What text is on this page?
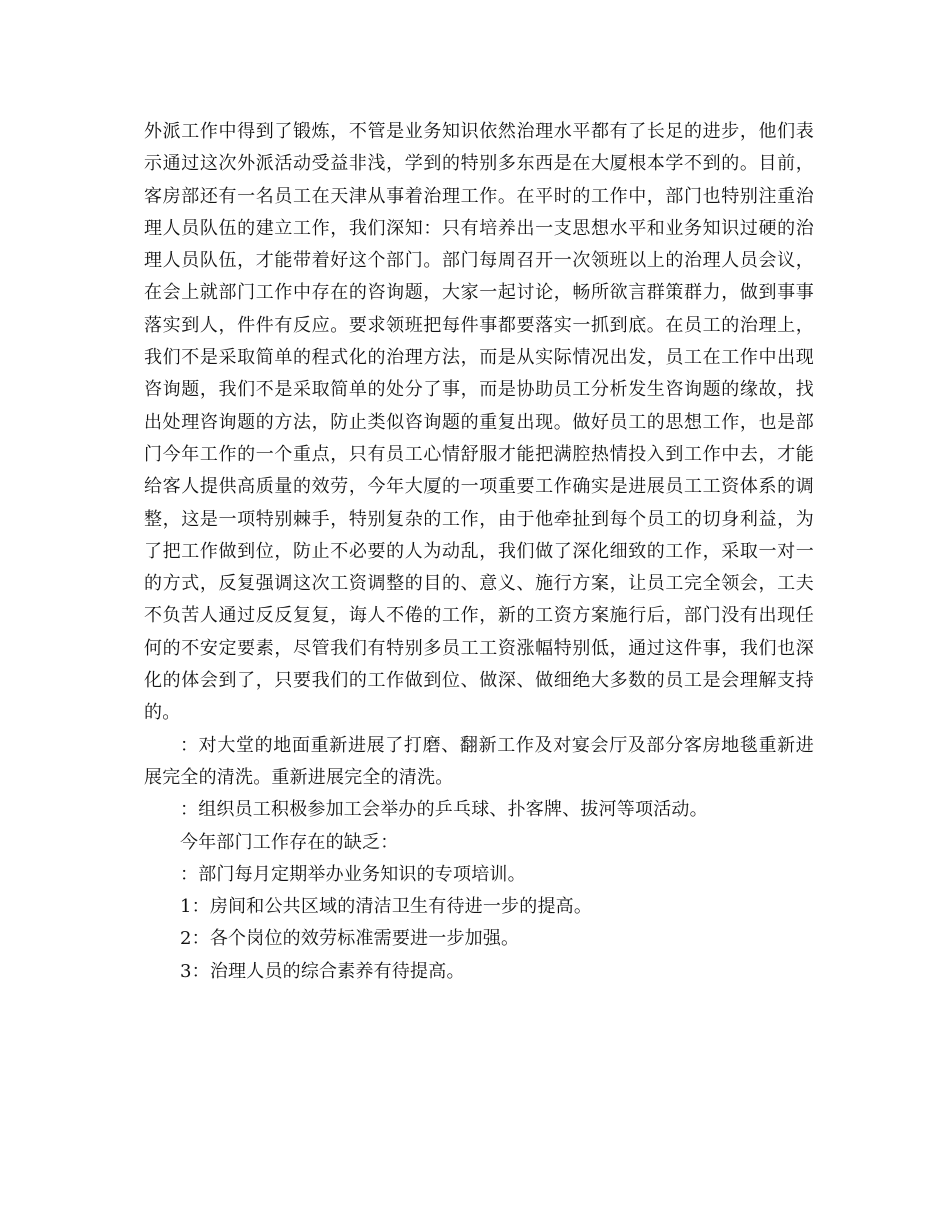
外派工作中得到了锻炼，不管是业务知识依然治理水平都有了长足的进步，他们表示通过这次外派活动受益非浅，学到的特别多东西是在大厦根本学不到的。目前，客房部还有一名员工在天津从事着治理工作。在平时的工作中，部门也特别注重治理人员队伍的建立工作，我们深知：只有培养出一支思想水平和业务知识过硬的治理人员队伍，才能带着好这个部门。部门每周召开一次领班以上的治理人员会议，在会上就部门工作中存在的咨询题，大家一起讨论，畅所欲言群策群力，做到事事落实到人，件件有反应。要求领班把每件事都要落实一抓到底。在员工的治理上，我们不是采取简单的程式化的治理方法，而是从实际情况出发，员工在工作中出现咨询题，我们不是采取简单的处分了事，而是协助员工分析发生咨询题的缘故，找出处理咨询题的方法，防止类似咨询题的重复出现。做好员工的思想工作，也是部门今年工作的一个重点，只有员工心情舒服才能把满腔热情投入到工作中去，才能给客人提供高质量的效劳，今年大厦的一项重要工作确实是进展员工工资体系的调整，这是一项特别棘手，特别复杂的工作，由于他牵扯到每个员工的切身利益，为了把工作做到位，防止不必要的人为动乱，我们做了深化细致的工作，采取一对一的方式，反复强调这次工资调整的目的、意义、施行方案，让员工完全领会，工夫不负苦人通过反反复复，诲人不倦的工作，新的工资方案施行后，部门没有出现任何的不安定要素，尽管我们有特别多员工工资涨幅特别低，通过这件事，我们也深化的体会到了，只要我们的工作做到位、做深、做细绝大多数的员工是会理解支持的。

：对大堂的地面重新进展了打磨、翻新工作及对宴会厅及部分客房地毯重新进展完全的清洗。重新进展完全的清洗。

：组织员工积极参加工会举办的乒乓球、扑客牌、拔河等项活动。

今年部门工作存在的缺乏：

：部门每月定期举办业务知识的专项培训。

1：房间和公共区域的清洁卫生有待进一步的提高。

2：各个岗位的效劳标准需要进一步加强。

3：治理人员的综合素养有待提高。
